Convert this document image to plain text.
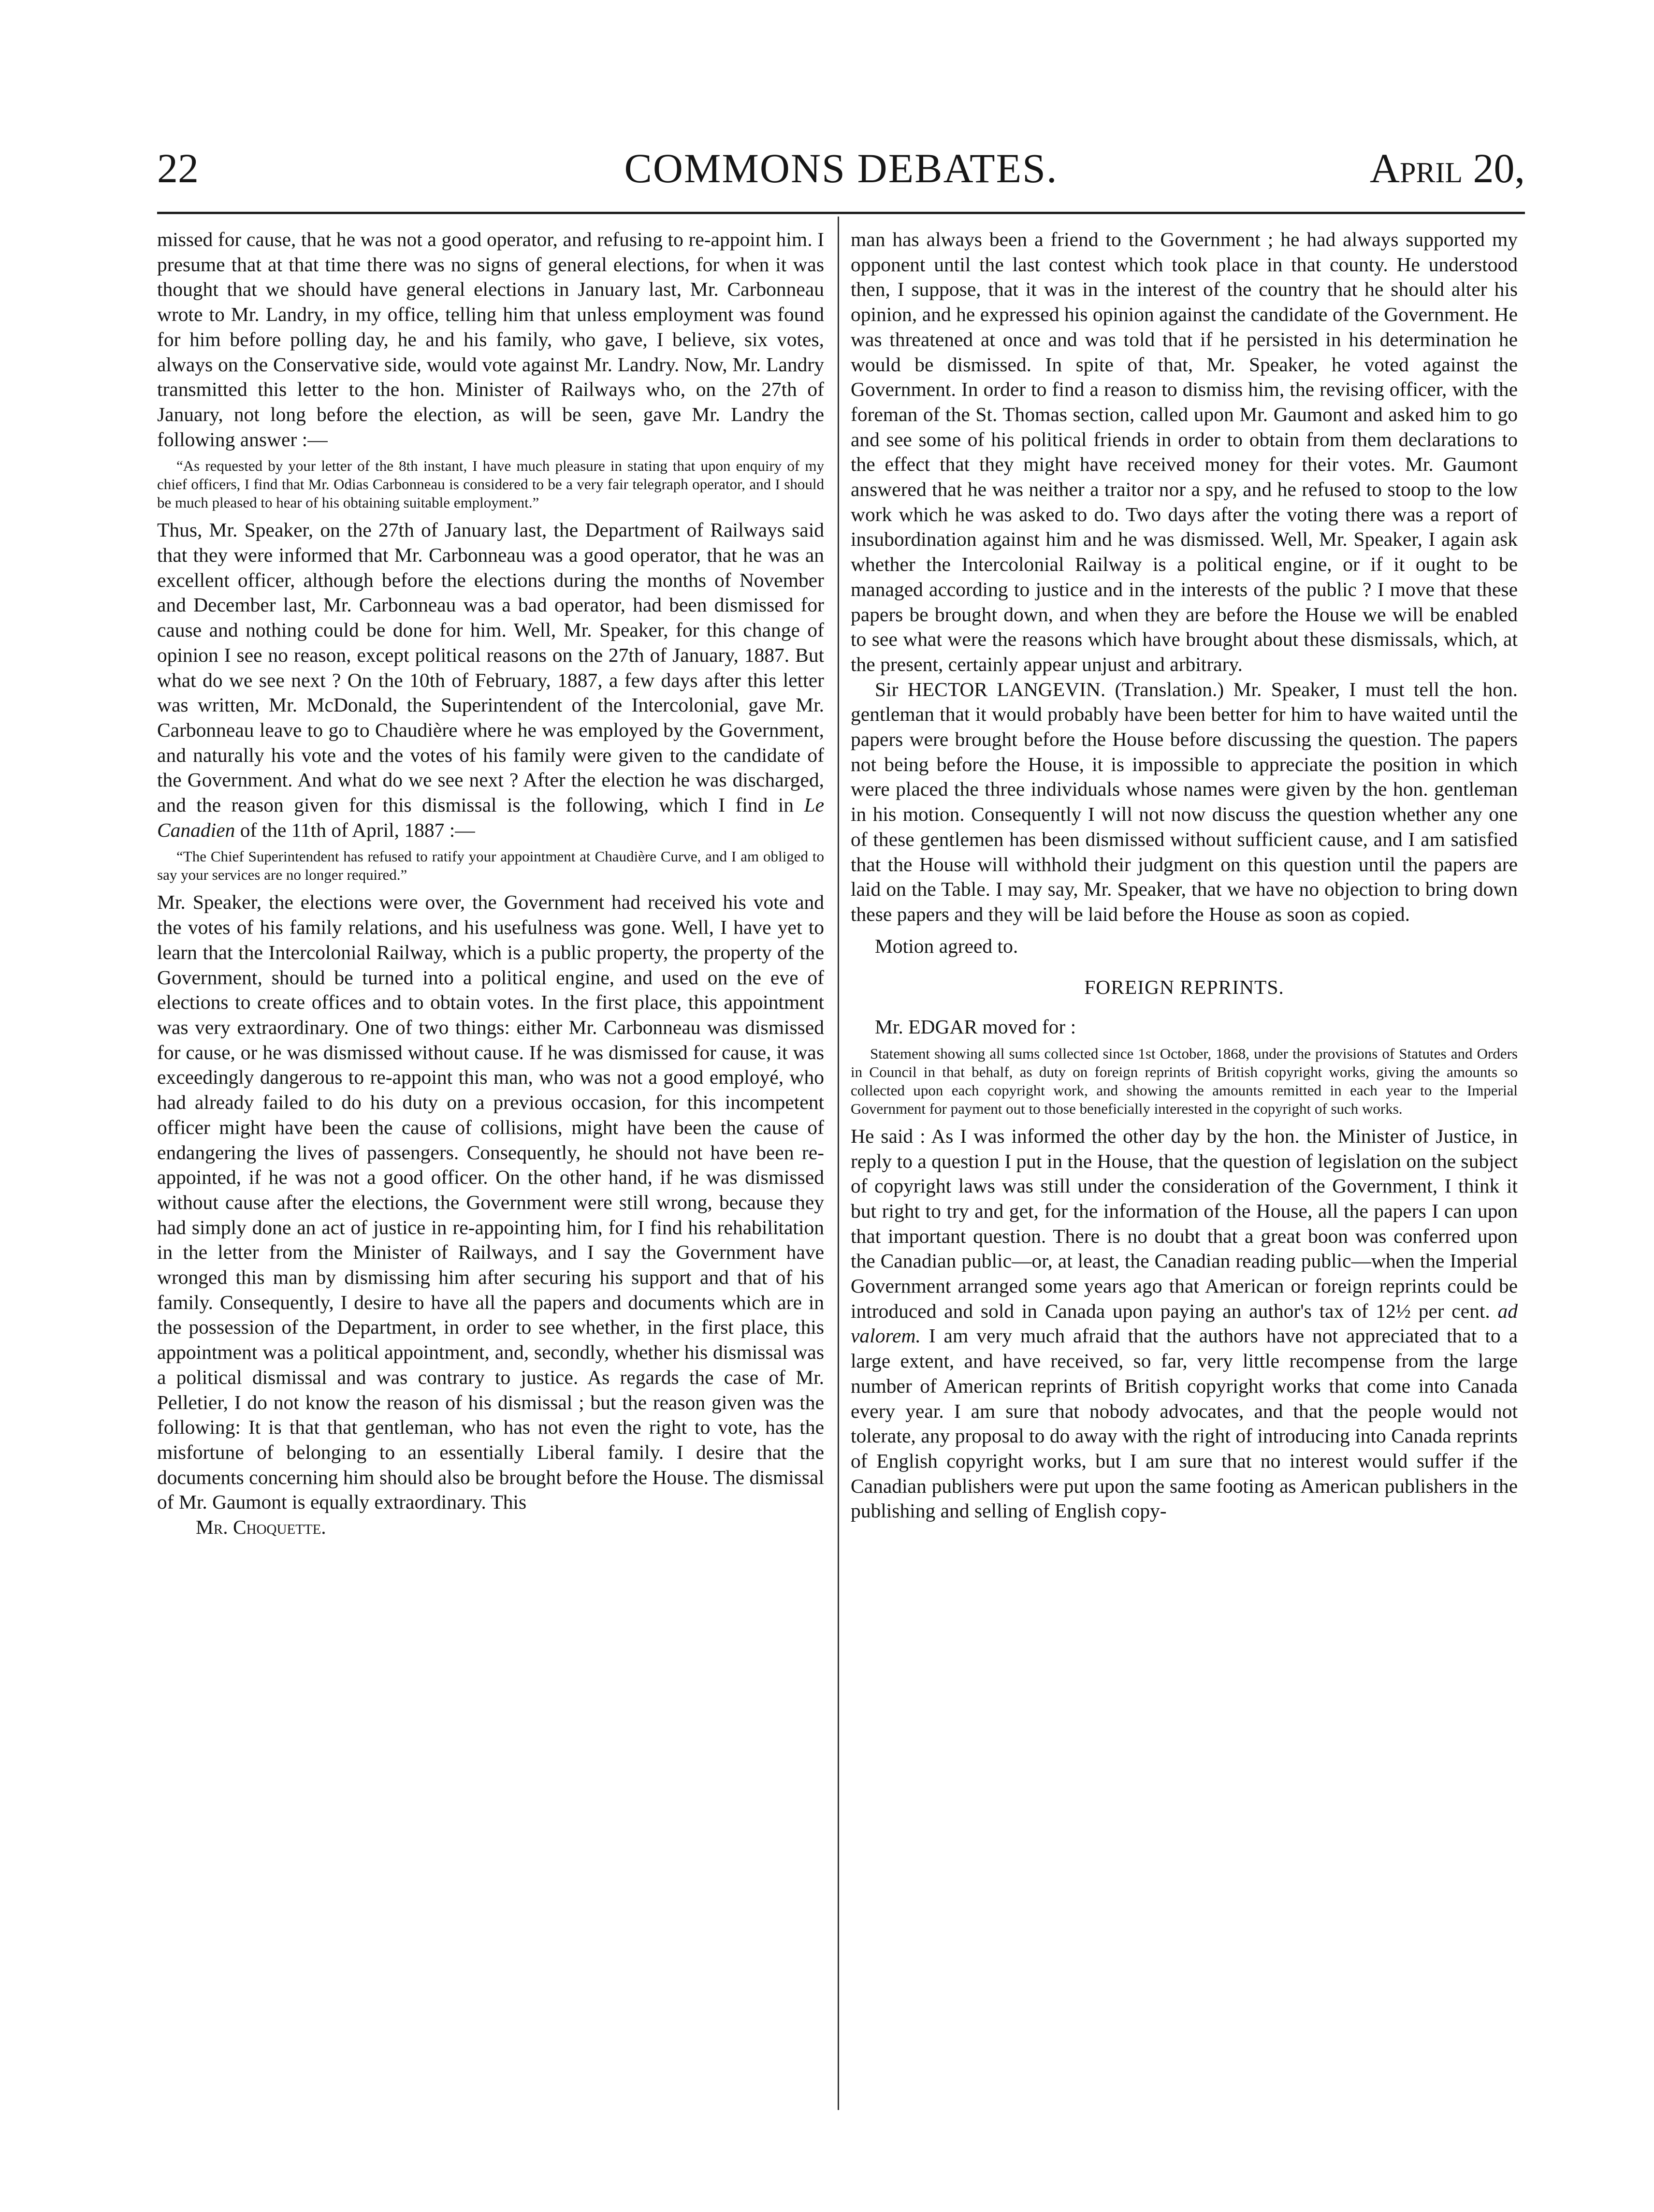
22	COMMONS DEBATES.	April 20,

missed for cause, that he was not a good operator, and refusing to re-appoint him. I presume that at that time there was no signs of general elections, for when it was thought that we should have general elections in January last, Mr. Carbonneau wrote to Mr. Landry, in my office, telling him that unless employment was found for him before polling day, he and his family, who gave, I believe, six votes, always on the Conservative side, would vote against Mr. Landry. Now, Mr. Landry transmitted this letter to the hon. Minister of Railways who, on the 27th of January, not long before the election, as will be seen, gave Mr. Landry the following answer :—

“As requested by your letter of the 8th instant, I have much pleasure in stating that upon enquiry of my chief officers, I find that Mr. Odias Carbonneau is considered to be a very fair telegraph operator, and I should be much pleased to hear of his obtaining suitable employment.”

Thus, Mr. Speaker, on the 27th of January last, the Department of Railways said that they were informed that Mr. Carbonneau was a good operator, that he was an excellent officer, although before the elections during the months of November and December last, Mr. Carbonneau was a bad operator, had been dismissed for cause and nothing could be done for him. Well, Mr. Speaker, for this change of opinion I see no reason, except political reasons on the 27th of January, 1887. But what do we see next ? On the 10th of February, 1887, a few days after this letter was written, Mr. McDonald, the Superintendent of the Intercolonial, gave Mr. Carbonneau leave to go to Chaudière where he was employed by the Government, and naturally his vote and the votes of his family were given to the candidate of the Government. And what do we see next ? After the election he was discharged, and the reason given for this dismissal is the following, which I find in Le Canadien of the 11th of April, 1887 :—

“The Chief Superintendent has refused to ratify your appointment at Chaudière Curve, and I am obliged to say your services are no longer required.”

Mr. Speaker, the elections were over, the Government had received his vote and the votes of his family relations, and his usefulness was gone. Well, I have yet to learn that the Intercolonial Railway, which is a public property, the property of the Government, should be turned into a political engine, and used on the eve of elections to create offices and to obtain votes. In the first place, this appointment was very extraordinary. One of two things: either Mr. Carbonneau was dismissed for cause, or he was dismissed without cause. If he was dismissed for cause, it was exceedingly dangerous to re-appoint this man, who was not a good employé, who had already failed to do his duty on a previous occasion, for this incompetent officer might have been the cause of collisions, might have been the cause of endangering the lives of passengers. Consequently, he should not have been re-appointed, if he was not a good officer. On the other hand, if he was dismissed without cause after the elections, the Government were still wrong, because they had simply done an act of justice in re-appointing him, for I find his rehabilitation in the letter from the Minister of Railways, and I say the Government have wronged this man by dismissing him after securing his support and that of his family. Consequently, I desire to have all the papers and documents which are in the possession of the Department, in order to see whether, in the first place, this appointment was a political appointment, and, secondly, whether his dismissal was a political dismissal and was contrary to justice. As regards the case of Mr. Pelletier, I do not know the reason of his dismissal ; but the reason given was the following: It is that that gentleman, who has not even the right to vote, has the misfortune of belonging to an essentially Liberal family. I desire that the documents concerning him should also be brought before the House. The dismissal of Mr. Gaumont is equally extraordinary. This

Mr. Choquette.

man has always been a friend to the Government ; he had always supported my opponent until the last contest which took place in that county. He understood then, I suppose, that it was in the interest of the country that he should alter his opinion, and he expressed his opinion against the candidate of the Government. He was threatened at once and was told that if he persisted in his determination he would be dismissed. In spite of that, Mr. Speaker, he voted against the Government. In order to find a reason to dismiss him, the revising officer, with the foreman of the St. Thomas section, called upon Mr. Gaumont and asked him to go and see some of his political friends in order to obtain from them declarations to the effect that they might have received money for their votes. Mr. Gaumont answered that he was neither a traitor nor a spy, and he refused to stoop to the low work which he was asked to do. Two days after the voting there was a report of insubordination against him and he was dismissed. Well, Mr. Speaker, I again ask whether the Intercolonial Railway is a political engine, or if it ought to be managed according to justice and in the interests of the public ? I move that these papers be brought down, and when they are before the House we will be enabled to see what were the reasons which have brought about these dismissals, which, at the present, certainly appear unjust and arbitrary.

Sir HECTOR LANGEVIN. (Translation.) Mr. Speaker, I must tell the hon. gentleman that it would probably have been better for him to have waited until the papers were brought before the House before discussing the question. The papers not being before the House, it is impossible to appreciate the position in which were placed the three individuals whose names were given by the hon. gentleman in his motion. Consequently I will not now discuss the question whether any one of these gentlemen has been dismissed without sufficient cause, and I am satisfied that the House will withhold their judgment on this question until the papers are laid on the Table. I may say, Mr. Speaker, that we have no objection to bring down these papers and they will be laid before the House as soon as copied.

Motion agreed to.

FOREIGN REPRINTS.

Mr. EDGAR moved for :

Statement showing all sums collected since 1st October, 1868, under the provisions of Statutes and Orders in Council in that behalf, as duty on foreign reprints of British copyright works, giving the amounts so collected upon each copyright work, and showing the amounts remitted in each year to the Imperial Government for payment out to those beneficially interested in the copyright of such works.

He said : As I was informed the other day by the hon. the Minister of Justice, in reply to a question I put in the House, that the question of legislation on the subject of copyright laws was still under the consideration of the Government, I think it but right to try and get, for the information of the House, all the papers I can upon that important question. There is no doubt that a great boon was conferred upon the Canadian public—or, at least, the Canadian reading public—when the Imperial Government arranged some years ago that American or foreign reprints could be introduced and sold in Canada upon paying an author's tax of 12½ per cent. ad valorem. I am very much afraid that the authors have not appreciated that to a large extent, and have received, so far, very little recompense from the large number of American reprints of British copyright works that come into Canada every year. I am sure that nobody advocates, and that the people would not tolerate, any proposal to do away with the right of introducing into Canada reprints of English copyright works, but I am sure that no interest would suffer if the Canadian publishers were put upon the same footing as American publishers in the publishing and selling of English copy-
